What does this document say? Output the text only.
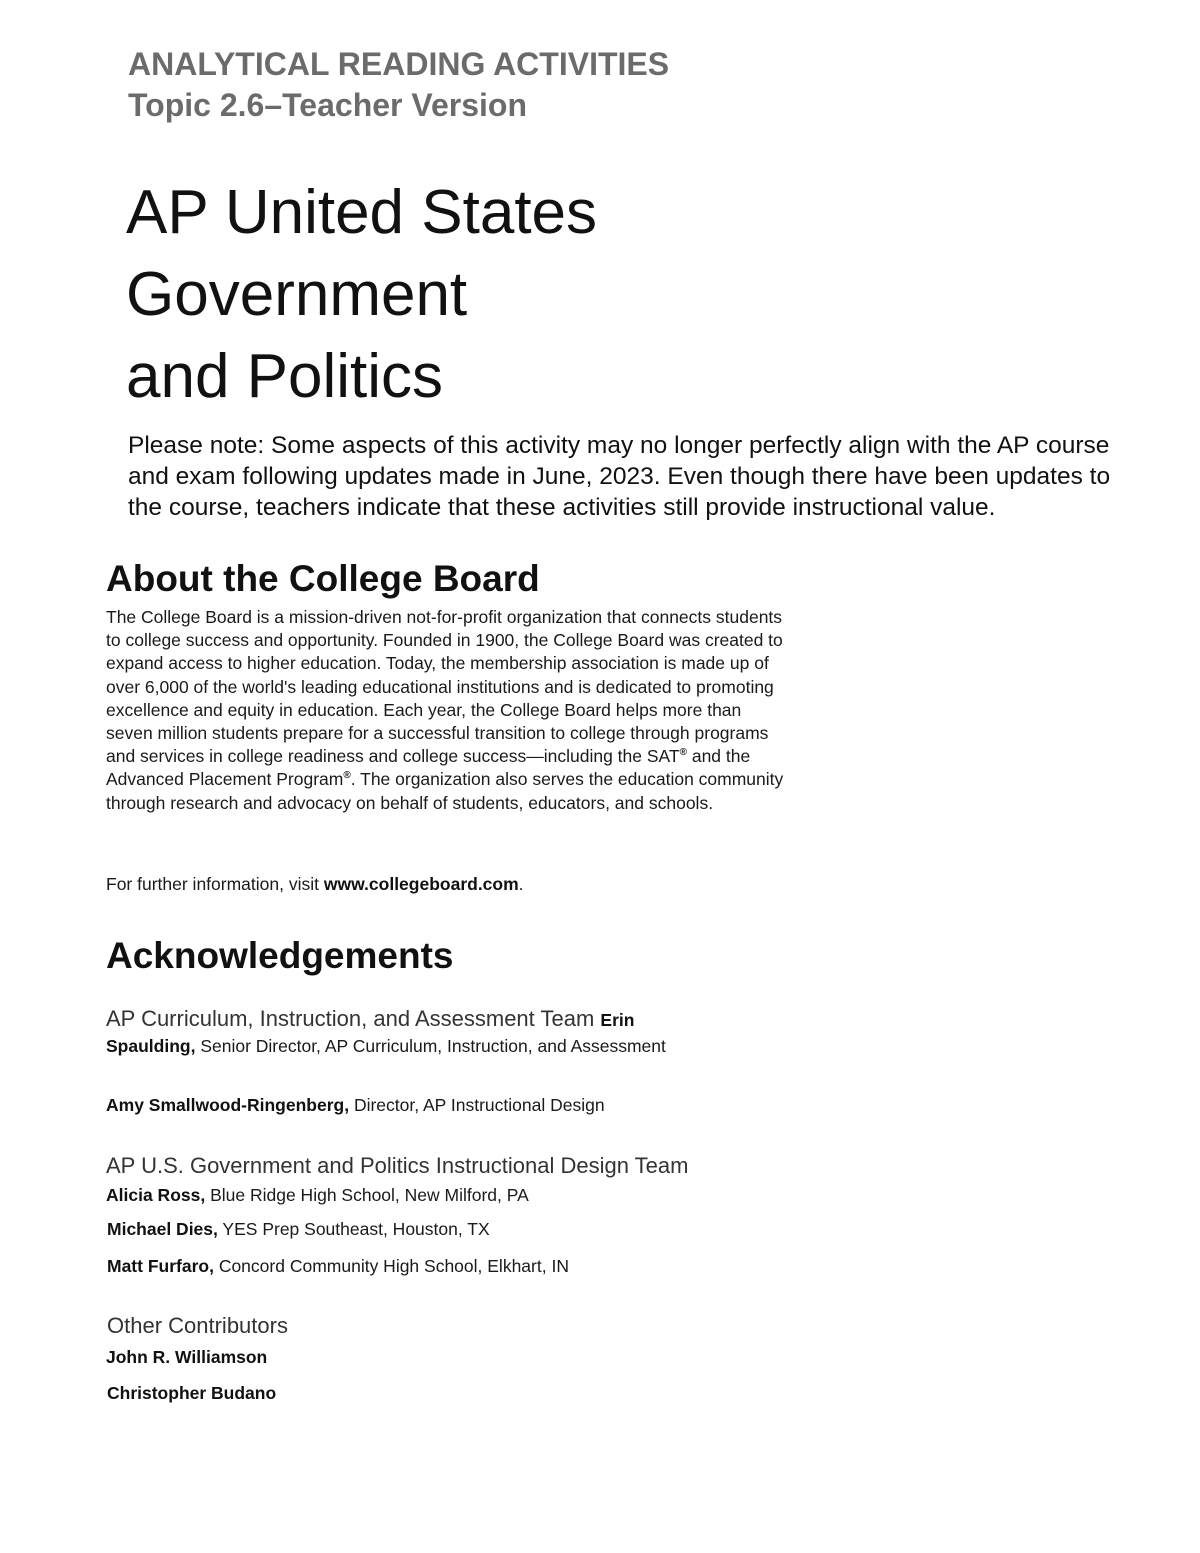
ANALYTICAL READING ACTIVITIES
Topic 2.6–Teacher Version
AP United States
Government
and Politics

Please note: Some aspects of this activity may no longer perfectly align with the AP course and exam following updates made in June, 2023. Even though there have been updates to the course, teachers indicate that these activities still provide instructional value.

About the College Board

The College Board is a mission-driven not-for-profit organization that connects students to college success and opportunity. Founded in 1900, the College Board was created to expand access to higher education. Today, the membership association is made up of over 6,000 of the world's leading educational institutions and is dedicated to promoting excellence and equity in education. Each year, the College Board helps more than seven million students prepare for a successful transition to college through programs and services in college readiness and college success—including the SAT® and the Advanced Placement Program®. The organization also serves the education community through research and advocacy on behalf of students, educators, and schools.

For further information, visit www.collegeboard.com.

Acknowledgements
AP Curriculum, Instruction, and Assessment Team Erin
Spaulding, Senior Director, AP Curriculum, Instruction, and Assessment
Amy Smallwood-Ringenberg, Director, AP Instructional Design
AP U.S. Government and Politics Instructional Design Team
Alicia Ross, Blue Ridge High School, New Milford, PA
Michael Dies, YES Prep Southeast, Houston, TX
Matt Furfaro, Concord Community High School, Elkhart, IN
Other Contributors
John R. Williamson
Christopher Budano
